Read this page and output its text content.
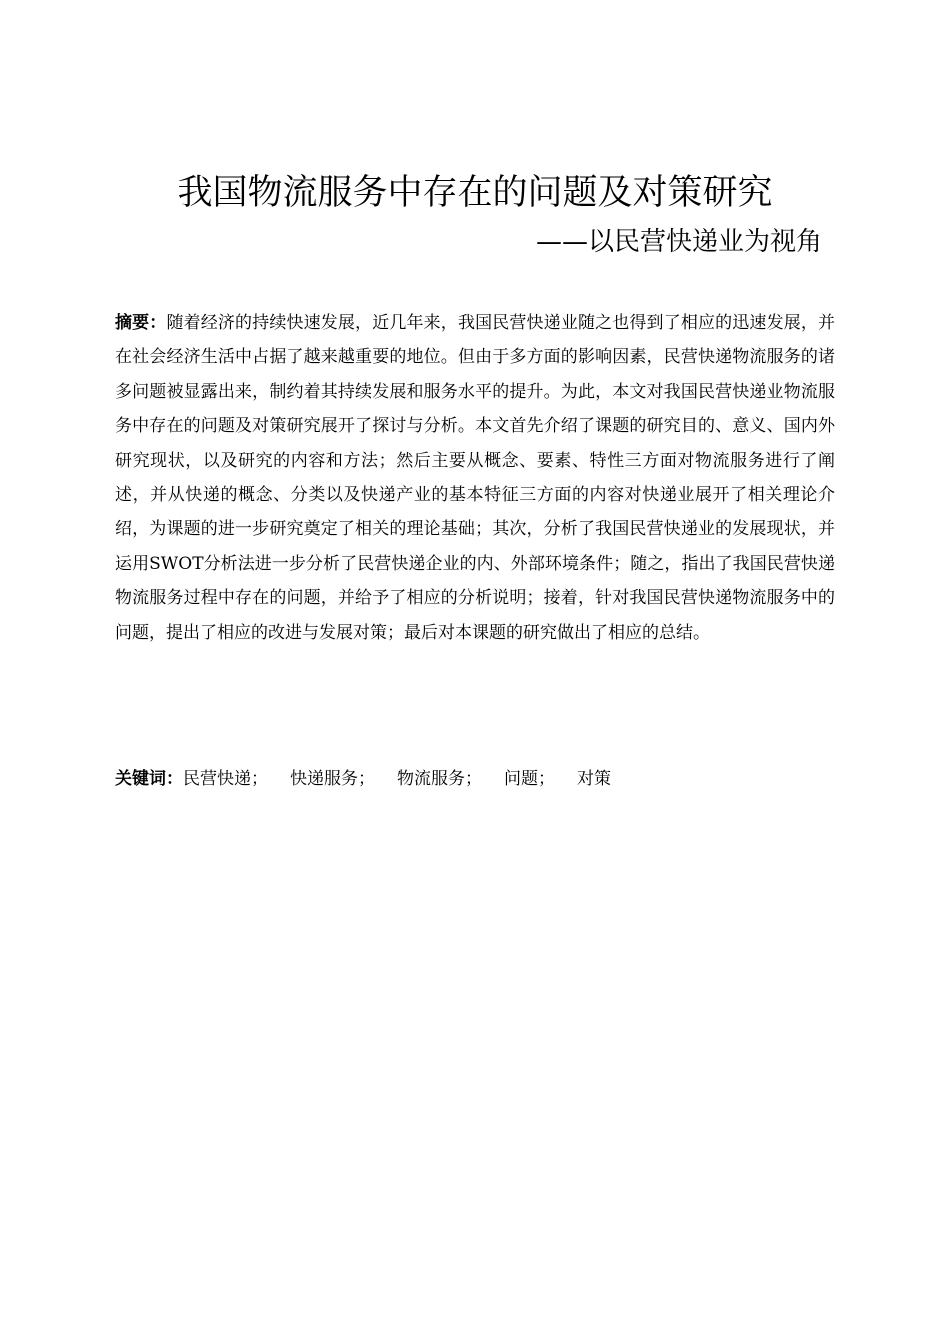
我国物流服务中存在的问题及对策研究
——以民营快递业为视角
摘要：随着经济的持续快速发展，近几年来，我国民营快递业随之也得到了相应的迅速发展，并在社会经济生活中占据了越来越重要的地位。但由于多方面的影响因素，民营快递物流服务的诸多问题被显露出来，制约着其持续发展和服务水平的提升。为此，本文对我国民营快递业物流服务中存在的问题及对策研究展开了探讨与分析。本文首先介绍了课题的研究目的、意义、国内外研究现状，以及研究的内容和方法；然后主要从概念、要素、特性三方面对物流服务进行了阐述，并从快递的概念、分类以及快递产业的基本特征三方面的内容对快递业展开了相关理论介绍，为课题的进一步研究奠定了相关的理论基础；其次，分析了我国民营快递业的发展现状，并运用SWOT分析法进一步分析了民营快递企业的内、外部环境条件；随之，指出了我国民营快递物流服务过程中存在的问题，并给予了相应的分析说明；接着，针对我国民营快递物流服务中的问题，提出了相应的改进与发展对策；最后对本课题的研究做出了相应的总结。
关键词：民营快递； 快递服务； 物流服务； 问题； 对策
